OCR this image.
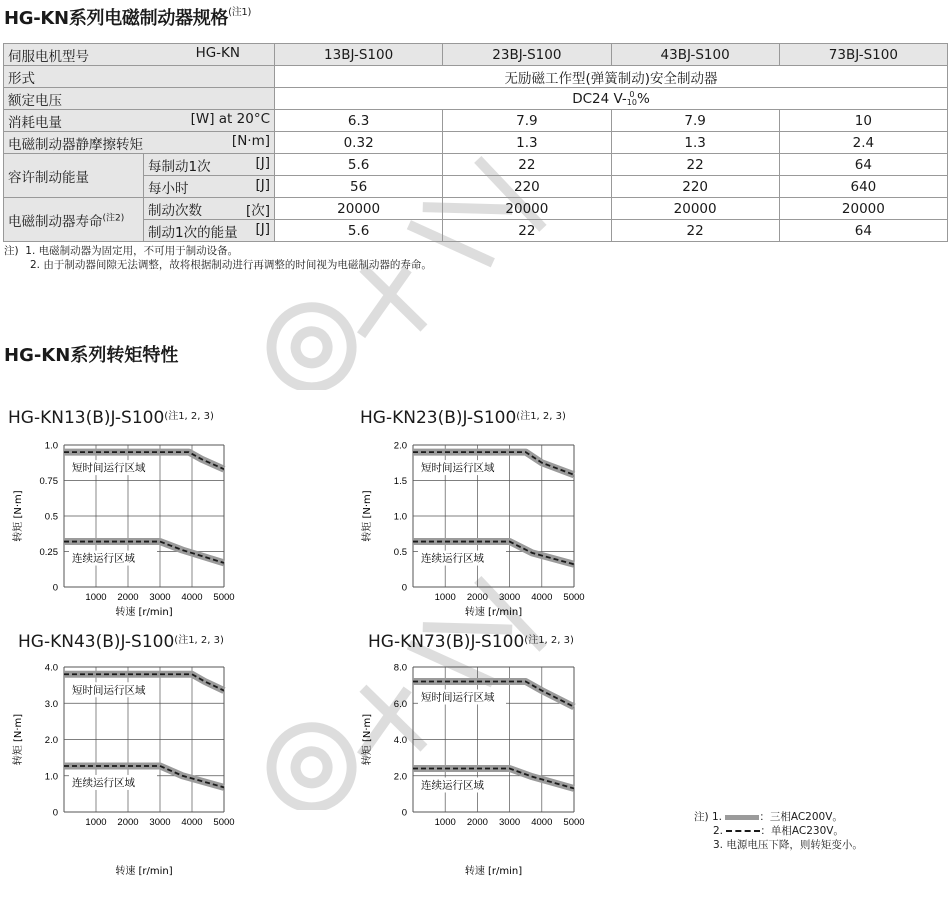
HG-KN系列电磁制动器规格$^{(注1)}$
伺服电机型号 HG-KN		13BJ-S100	23BJ-S100	43BJ-S100	73BJ-S100
形式		无励磁工作型(弹簧制动)安全制动器			
额定电压		DC24 V- 0
10%			

消耗电量 [W] at 20°C		6.3	7.9	7.9	10

电磁制动器静摩擦转矩 [N·m]		0.32	1.3	1.3	2.4
容许制动能量	每制动1次 [J]	5.6	22	22	64

	每小时 [J]	56	220	220	640
电磁制动器寿命$^{(注2)}$	制动次数 [次]	20000	20000	20000	20000

	制动1次的能量 [J]	5.6	22	22	64
注) 1. 电磁制动器为固定用，不可用于制动设备。
2. 由于制动器间隙无法调整，故将根据制动进行再调整的时间视为电磁制动器的寿命。
HG-KN系列转矩特性
$HG-KN13(B)J-S100^{(注1, 2, 3)}$	$HG-KN23(B)J-S100^{(注1, 2, 3)}$
$HG-KN43(B)J-S100^{(注1, 2, 3)}$	$HG-KN73(B)J-S100^{(注1, 2, 3)}$
1000 2000 3000 4000 5000
0
0.25
0.5
0.75
1.0
短时间运行区域
连续运行区域
转矩 [N·m]
转速 [r/min]
1000 2000 3000 4000 5000
0
0.5
1.0
1.5
2.0
短时间运行区域
连续运行区域
转矩 [N·m]
转速 [r/min]
1000 2000 3000 4000 5000
0
1.0
2.0
3.0
4.0
短时间运行区域
连续运行区域
转矩 [N·m]
转速 [r/min]
1000 2000 3000 4000 5000
0
2.0
4.0
6.0
8.0
短时间运行区域
连续运行区域
转矩 [N·m]
转速 [r/min]
注) 1.	：三相AC200V。
2.	：单相AC230V。
3. 电源电压下降，则转矩变小。
